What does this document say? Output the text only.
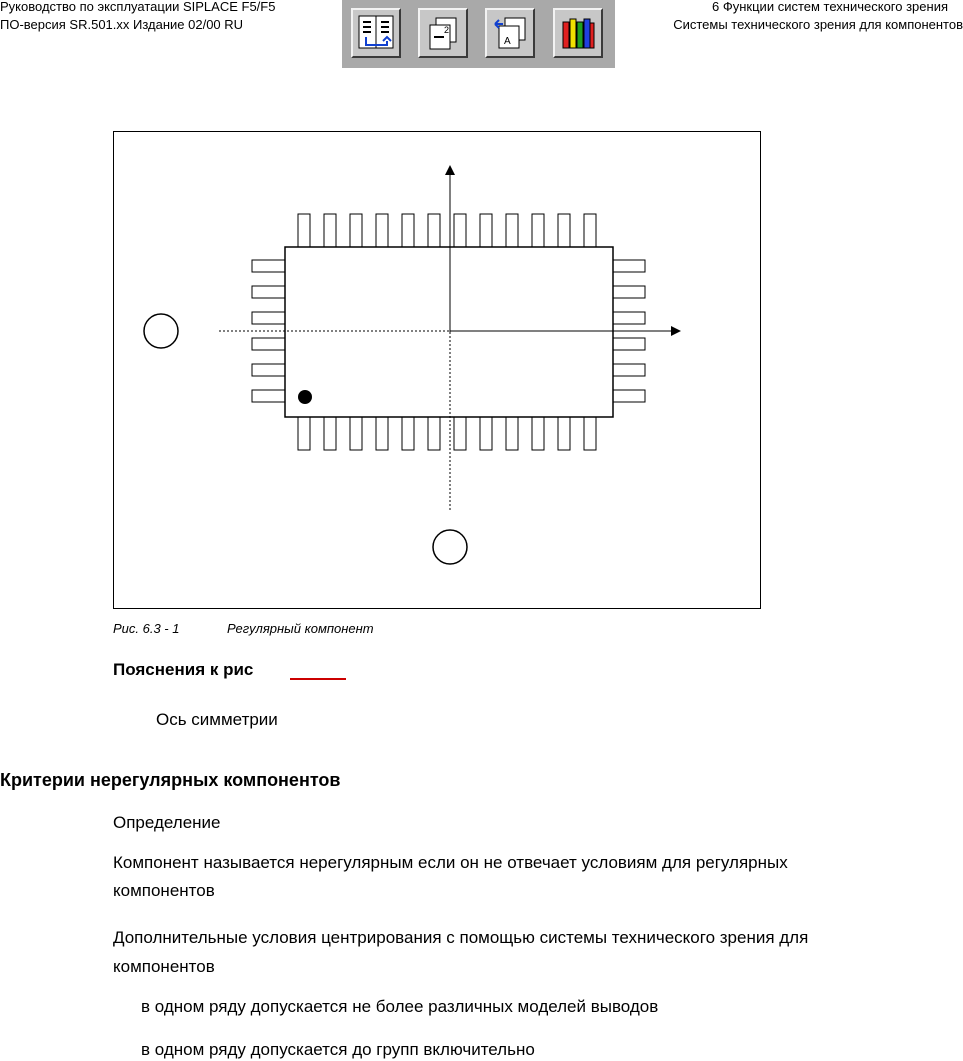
Руководство по эксплуатации SIPLACE F5/F5
ПО-версия SR.501.xx Издание 02/00 RU
6 Функции систем технического зрения
Системы технического зрения для компонентов
2
A
Рис. 6.3 - 1	Регулярный компонент
Пояснения к рис
Ось симметрии
Критерии нерегулярных компонентов
Определение
Компонент называется нерегулярным если он не отвечает условиям для регулярных
компонентов
Дополнительные условия центрирования с помощью системы технического зрения для
компонентов
в одном ряду допускается не более различных моделей выводов
в одном ряду допускается до групп включительно
